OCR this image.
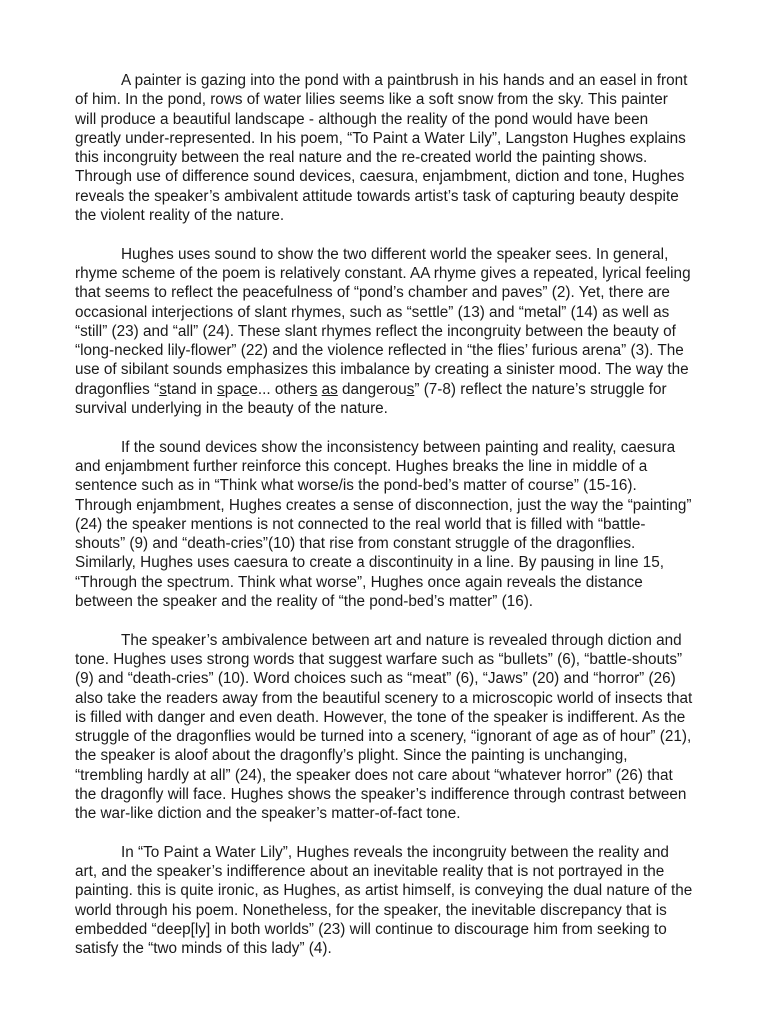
A painter is gazing into the pond with a paintbrush in his hands and an easel in front of him. In the pond, rows of water lilies seems like a soft snow from the sky. This painter will produce a beautiful landscape - although the reality of the pond would have been greatly under-represented. In his poem, “To Paint a Water Lily”, Langston Hughes explains this incongruity between the real nature and the re-created world the painting shows. Through use of difference sound devices, caesura, enjambment, diction and tone, Hughes reveals the speaker’s ambivalent attitude towards artist’s task of capturing beauty despite the violent reality of the nature.

Hughes uses sound to show the two different world the speaker sees. In general, rhyme scheme of the poem is relatively constant. AA rhyme gives a repeated, lyrical feeling that seems to reflect the peacefulness of “pond’s chamber and paves” (2). Yet, there are occasional interjections of slant rhymes, such as “settle” (13) and “metal” (14) as well as “still” (23) and “all” (24). These slant rhymes reflect the incongruity between the beauty of “long-necked lily-flower” (22) and the violence reflected in “the flies’ furious arena” (3). The use of sibilant sounds emphasizes this imbalance by creating a sinister mood. The way the dragonflies “stand in space... others as dangerous” (7-8) reflect the nature’s struggle for survival underlying in the beauty of the nature.

If the sound devices show the inconsistency between painting and reality, caesura and enjambment further reinforce this concept. Hughes breaks the line in middle of a sentence such as in “Think what worse/is the pond-bed’s matter of course” (15-16). Through enjambment, Hughes creates a sense of disconnection, just the way the “painting” (24) the speaker mentions is not connected to the real world that is filled with “battle-shouts” (9) and “death-cries”(10) that rise from constant struggle of the dragonflies. Similarly, Hughes uses caesura to create a discontinuity in a line. By pausing in line 15, “Through the spectrum. Think what worse”, Hughes once again reveals the distance between the speaker and the reality of “the pond-bed’s matter” (16).

The speaker’s ambivalence between art and nature is revealed through diction and tone. Hughes uses strong words that suggest warfare such as “bullets” (6), “battle-shouts” (9) and “death-cries” (10). Word choices such as “meat” (6), “Jaws” (20) and “horror” (26) also take the readers away from the beautiful scenery to a microscopic world of insects that is filled with danger and even death. However, the tone of the speaker is indifferent. As the struggle of the dragonflies would be turned into a scenery, “ignorant of age as of hour” (21), the speaker is aloof about the dragonfly’s plight. Since the painting is unchanging, “trembling hardly at all” (24), the speaker does not care about “whatever horror” (26) that the dragonfly will face. Hughes shows the speaker’s indifference through contrast between the war-like diction and the speaker’s matter-of-fact tone.

In “To Paint a Water Lily”, Hughes reveals the incongruity between the reality and art, and the speaker’s indifference about an inevitable reality that is not portrayed in the painting. this is quite ironic, as Hughes, as artist himself, is conveying the dual nature of the world through his poem. Nonetheless, for the speaker, the inevitable discrepancy that is embedded “deep[ly] in both worlds” (23) will continue to discourage him from seeking to satisfy the “two minds of this lady” (4).
